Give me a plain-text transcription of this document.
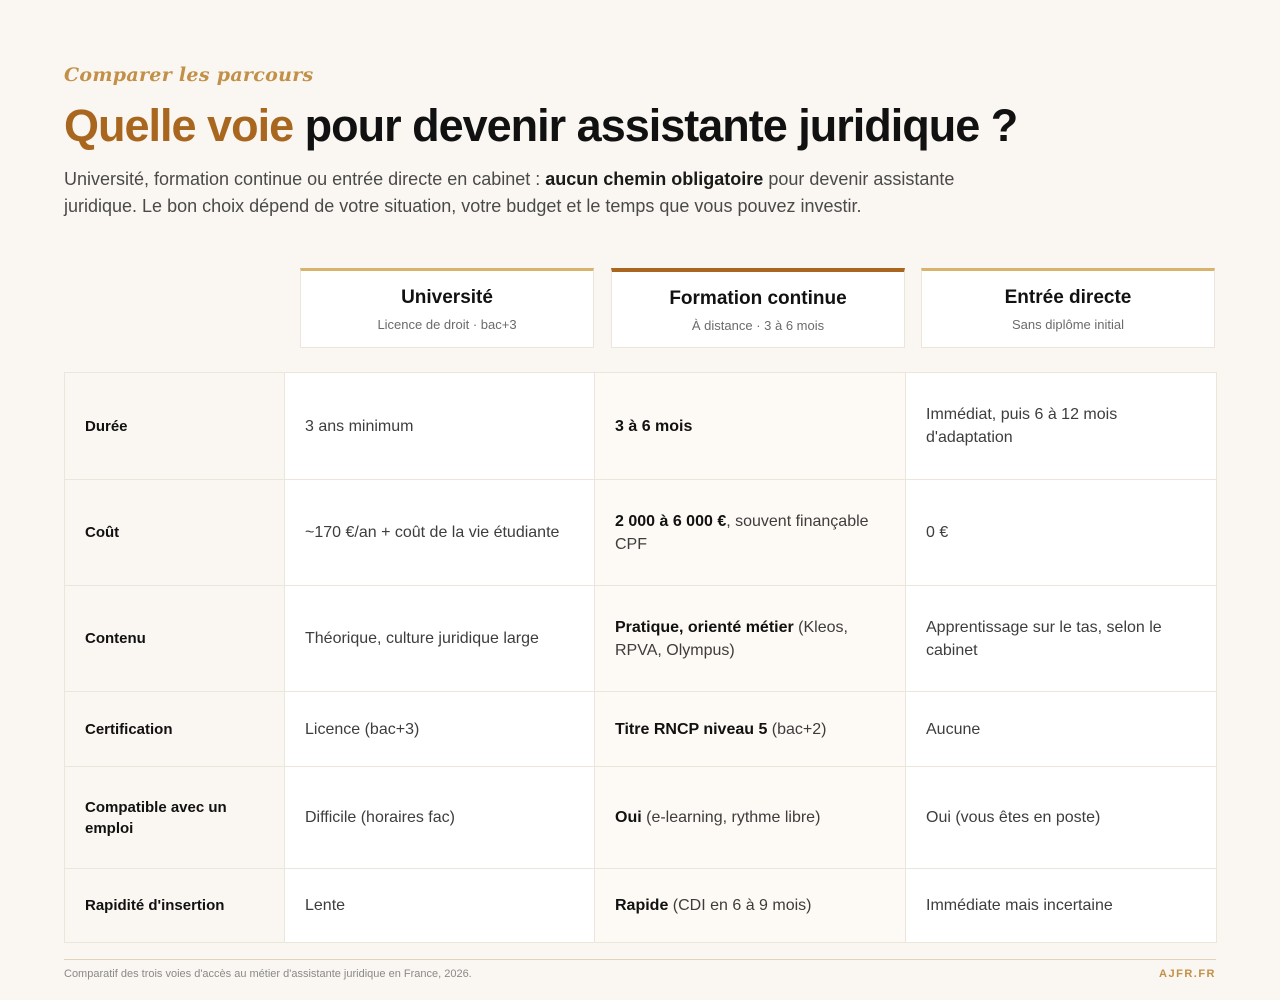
Comparer les parcours
Quelle voie pour devenir assistante juridique ?

Université, formation continue ou entrée directe en cabinet : aucun chemin obligatoire pour devenir assistante juridique. Le bon choix dépend de votre situation, votre budget et le temps que vous pouvez investir.

Université
Licence de droit · bac+3
Formation continue
À distance · 3 à 6 mois
Entrée directe
Sans diplôme initial
Durée	3 ans minimum	3 à 6 mois	Immédiat, puis 6 à 12 mois d'adaptation
Coût	~170 €/an + coût de la vie étudiante	2 000 à 6 000 €, souvent finançable CPF	0 €
Contenu	Théorique, culture juridique large	Pratique, orienté métier (Kleos, RPVA, Olympus)	Apprentissage sur le tas, selon le cabinet
Certification	Licence (bac+3)	Titre RNCP niveau 5 (bac+2)	Aucune
Compatible avec un emploi	Difficile (horaires fac)	Oui (e-learning, rythme libre)	Oui (vous êtes en poste)
Rapidité d'insertion	Lente	Rapide (CDI en 6 à 9 mois)	Immédiate mais incertaine
Comparatif des trois voies d'accès au métier d'assistante juridique en France, 2026.	AJFR.FR
